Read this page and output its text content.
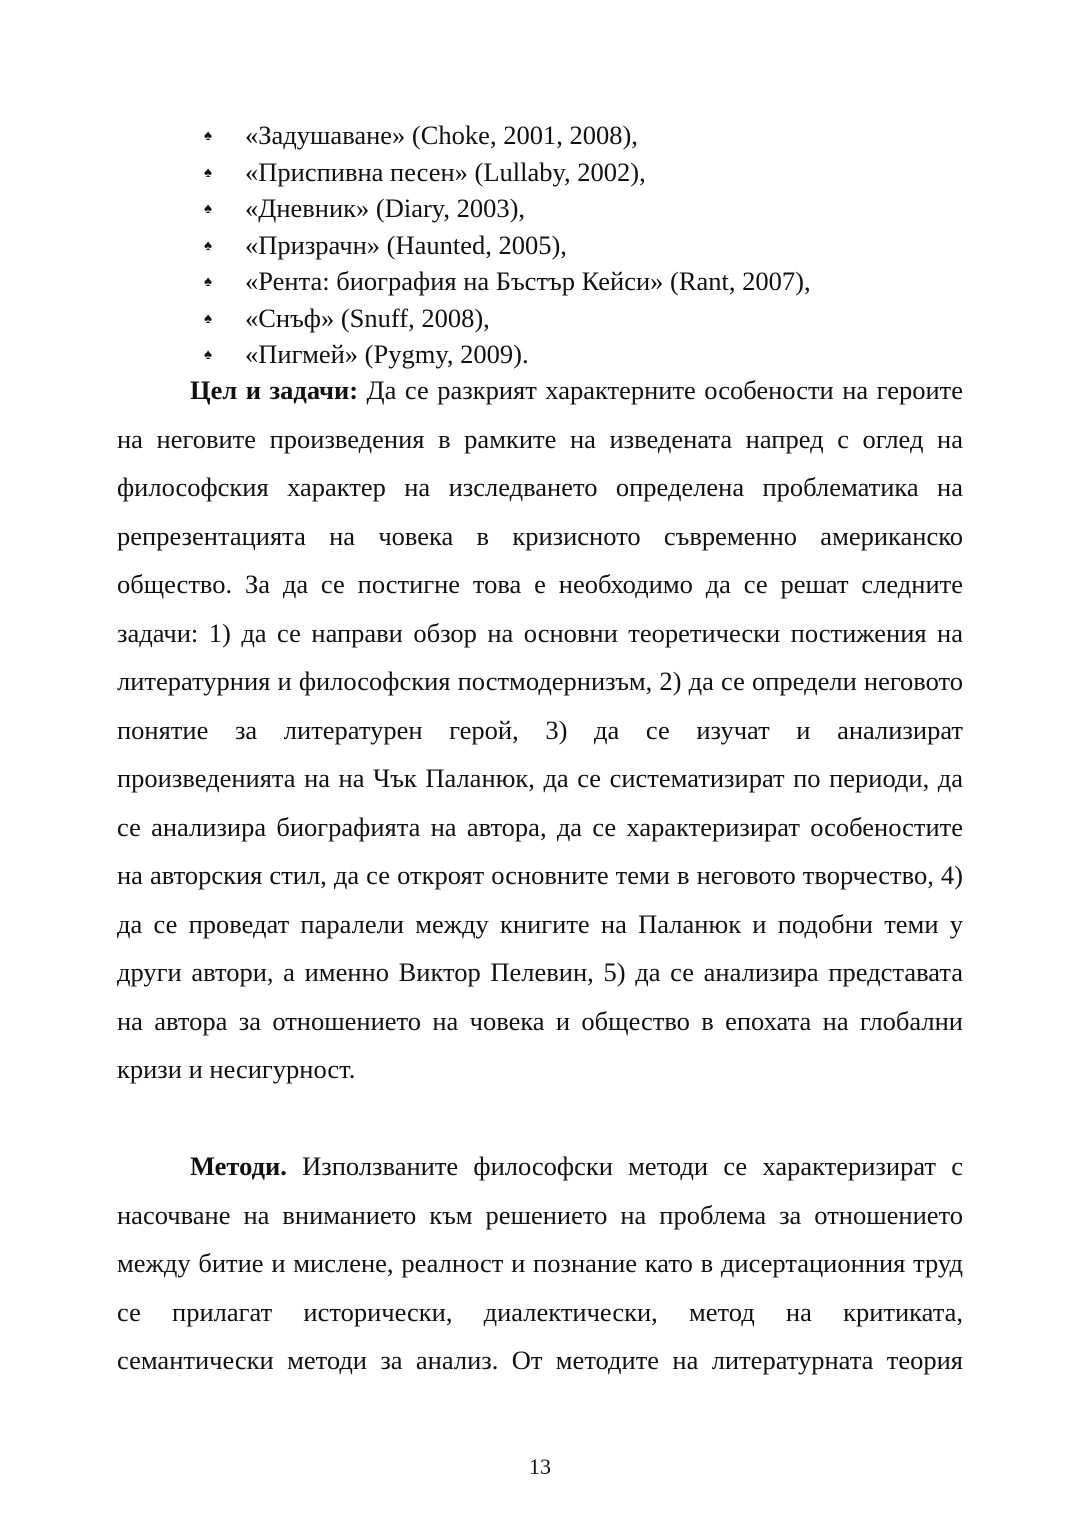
♠ «Задушаване» (Choke, 2001, 2008),
♠ «Приспивна песен» (Lullaby, 2002),
♠ «Дневник» (Diary, 2003),
♠ «Призрачн» (Haunted, 2005),
♠ «Рента: биография на Бъстър Кейси» (Rant, 2007),
♠ «Снъф» (Snuff, 2008),
♠ «Пигмей» (Pygmy, 2009).

Цел и задачи: Да се разкрият характерните особености на героите на неговите произведения в рамките на изведената напред с оглед на философския характер на изследването определена проблематика на репрезентацията на човека в кризисното съвременно американско общество. За да се постигне това е необходимо да се решат следните задачи: 1) да се направи обзор на основни теоретически постижения на литературния и философския постмодернизъм, 2) да се определи неговото понятие за литературен герой, 3) да се изучат и анализират произведенията на на Чък Паланюк, да се систематизират по периоди, да се анализира биографията на автора, да се характеризират особеностите на авторския стил, да се откроят основните теми в неговото творчество, 4) да се проведат паралели между книгите на Паланюк и подобни теми у други автори, а именно Виктор Пелевин, 5) да се анализира представата на автора за отношението на човека и общество в епохата на глобални кризи и несигурност.

Методи. Използваните философски методи се характеризират с насочване на вниманието към решението на проблема за отношението между битие и мислене, реалност и познание като в дисертационния труд се прилагат исторически, диалектически, метод на критиката, семантически методи за анализ. От методите на литературната теория

13
